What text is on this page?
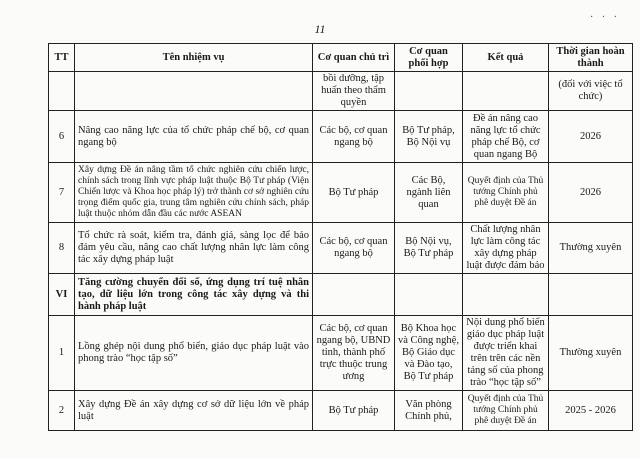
11
· · ·
TT	Tên nhiệm vụ	Cơ quan chủ trì	Cơ quan phối hợp	Kết quả	Thời gian hoàn thành
		bồi dưỡng, tập huấn theo thẩm quyền			(đối với việc tổ chức)
6	Nâng cao năng lực của tổ chức pháp chế bộ, cơ quan ngang bộ	Các bộ, cơ quan ngang bộ	Bộ Tư pháp, Bộ Nội vụ	Đề án nâng cao năng lực tổ chức pháp chế Bộ, cơ quan ngang Bộ	2026
7	Xây dựng Đề án nâng tầm tổ chức nghiên cứu chiến lược, chính sách trong lĩnh vực pháp luật thuộc Bộ Tư pháp (Viện Chiến lược và Khoa học pháp lý) trở thành cơ sở nghiên cứu trọng điểm quốc gia, trung tâm nghiên cứu chính sách, pháp luật thuộc nhóm dẫn đầu các nước ASEAN	Bộ Tư pháp	Các Bộ, ngành liên quan	Quyết định của Thủ tướng Chính phủ phê duyệt Đề án	2026
8	Tổ chức rà soát, kiểm tra, đánh giá, sàng lọc để bảo đảm yêu cầu, nâng cao chất lượng nhân lực làm công tác xây dựng pháp luật	Các bộ, cơ quan ngang bộ	Bộ Nội vụ, Bộ Tư pháp	Chất lượng nhân lực làm công tác xây dựng pháp luật được đảm bảo	Thường xuyên
VI	Tăng cường chuyển đổi số, ứng dụng trí tuệ nhân tạo, dữ liệu lớn trong công tác xây dựng và thi hành pháp luật				
1	Lồng ghép nội dung phổ biến, giáo dục pháp luật vào phong trào “học tập số”	Các bộ, cơ quan ngang bộ, UBND tỉnh, thành phố trực thuộc trung ương	Bộ Khoa học và Công nghệ, Bộ Giáo dục và Đào tạo, Bộ Tư pháp	Nội dung phổ biến giáo dục pháp luật được triển khai trên trên các nền tảng số của phong trào “học tập số”	Thường xuyên
2	Xây dựng Đề án xây dựng cơ sở dữ liệu lớn về pháp luật	Bộ Tư pháp	Văn phòng Chính phủ,	Quyết định của Thủ tướng Chính phủ phê duyệt Đề án	2025 - 2026
